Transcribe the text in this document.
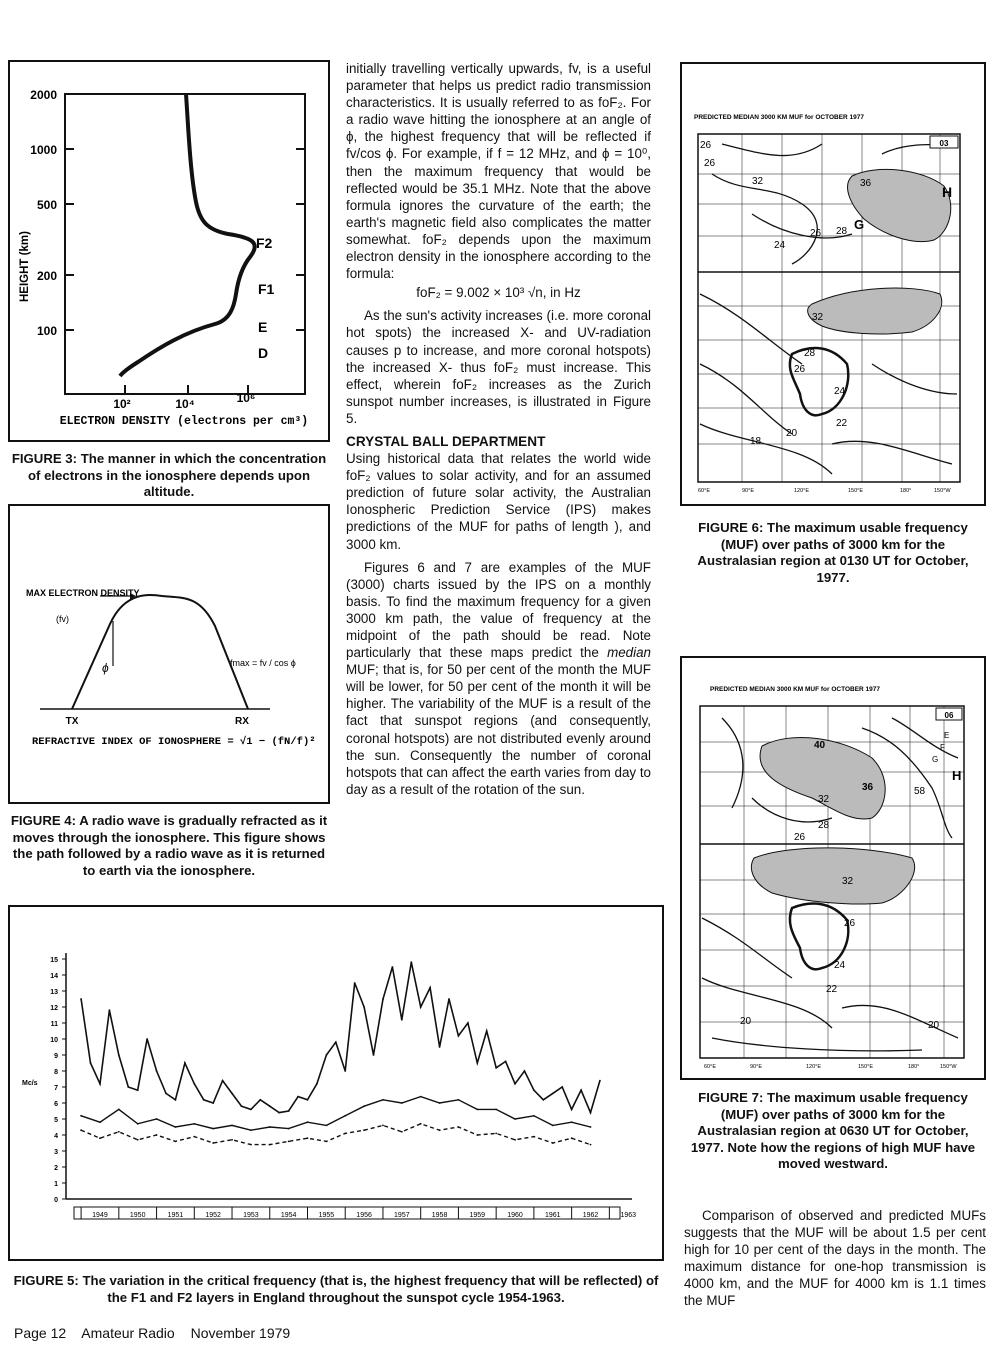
2000
1000
500
200
100
HEIGHT (km)	F2
F1
E
D
10²	10⁴	10⁶
ELECTRON DENSITY (electrons per cm³)
FIGURE 3: The manner in which the concentration of electrons in the ionosphere depends upon altitude.
MAX ELECTRON DENSITY
(fv)
ϕ	fmax = fv / cos ϕ
TX	RX
REFRACTIVE INDEX OF IONOSPHERE = √1 − (fN/f)²
FIGURE 4: A radio wave is gradually refracted as it moves through the ionosphere. This figure shows the path followed by a radio wave as it is returned to earth via the ionosphere.

initially travelling vertically upwards, fv, is a useful parameter that helps us predict radio transmission characteristics. It is usually referred to as foF₂. For a radio wave hitting the ionosphere at an angle of ϕ, the highest frequency that will be reflected if fv/cos ϕ. For example, if f = 12 MHz, and ϕ = 10⁰, then the maximum frequency that would be reflected would be 35.1 MHz. Note that the above formula ignores the curvature of the earth; the earth's magnetic field also complicates the matter somewhat. foF₂ depends upon the maximum electron density in the ionosphere according to the formula:

foF₂ = 9.002 × 10³ √n, in Hz

As the sun's activity increases (i.e. more coronal hot spots) the increased X- and UV-radiation causes p to increase, and more coronal hotspots) the increased X- thus foF₂ must increase. This effect, wherein foF₂ increases as the Zurich sunspot number increases, is illustrated in Figure 5.

CRYSTAL BALL DEPARTMENT

Using historical data that relates the world wide foF₂ values to solar activity, and for an assumed prediction of future solar activity, the Australian Ionospheric Prediction Service (IPS) makes predictions of the MUF for paths of length ), and 3000 km.

Figures 6 and 7 are examples of the MUF (3000) charts issued by the IPS on a monthly basis. To find the maximum frequency for a given 3000 km path, the value of frequency at the midpoint of the path should be read. Note particularly that these maps predict the median MUF; that is, for 50 per cent of the month the MUF will be lower, for 50 per cent of the month it will be higher. The variability of the MUF is a result of the fact that sunspot regions (and consequently, coronal hotspots) are not distributed evenly around the sun. Consequently the number of coronal hotspots that can affect the earth varies from day to day as a result of the rotation of the sun.

PREDICTED MEDIAN 3000 KM MUF for OCTOBER 1977
03
26
26
32	36
28 G
H
26
24
32
28
26
24
22
20
18
60°E	90°E	120°E	150°E	180°	150°W
FIGURE 6: The maximum usable frequency (MUF) over paths of 3000 km for the Australasian region at 0130 UT for October, 1977.
PREDICTED MEDIAN 3000 KM MUF for OCTOBER 1977
06
40
32
26
28
36
32
26
22
20	20
24
H
G
F
E
58
60°E	90°E	120°E	150°E	180°	150°W
FIGURE 7: The maximum usable frequency (MUF) over paths of 3000 km for the Australasian region at 0630 UT for October, 1977. Note how the regions of high MUF have moved westward.

Comparison of observed and predicted MUFs suggests that the MUF will be about 1.5 per cent high for 10 per cent of the days in the month. The maximum distance for one-hop transmission is 4000 km, and the MUF for 4000 km is 1.1 times the MUF

0
1
2
3
4
5
6
7
8
9
10
11
12
13
14
15
1949	1950	1951	1952	1953	1954	1955	1956	1957	1958	1959	1960	1961	1962	1963
Mc/s
FIGURE 5: The variation in the critical frequency (that is, the highest frequency that will be reflected) of the F1 and F2 layers in England throughout the sunspot cycle 1954-1963.
Page 12 Amateur Radio November 1979
